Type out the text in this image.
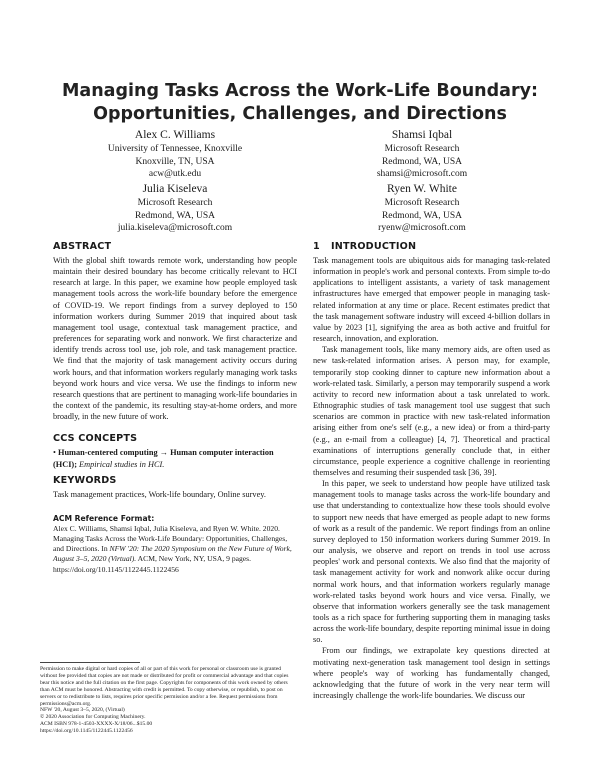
Managing Tasks Across the Work-Life Boundary:
Opportunities, Challenges, and Directions
Alex C. Williams
University of Tennessee, Knoxville
Knoxville, TN, USA
acw@utk.edu
Shamsi Iqbal
Microsoft Research
Redmond, WA, USA
shamsi@microsoft.com
Julia Kiseleva
Microsoft Research
Redmond, WA, USA
julia.kiseleva@microsoft.com
Ryen W. White
Microsoft Research
Redmond, WA, USA
ryenw@microsoft.com
ABSTRACT

With the global shift towards remote work, understanding how people maintain their desired boundary has become critically relevant to HCI research at large. In this paper, we examine how people employed task management tools across the work-life boundary before the emergence of COVID-19. We report findings from a survey deployed to 150 information workers during Summer 2019 that inquired about task management tool usage, contextual task management practice, and preferences for separating work and nonwork. We first characterize and identify trends across tool use, job role, and task management practice. We find that the majority of task management activity occurs during work hours, and that information workers regularly managing work tasks beyond work hours and vice versa. We use the findings to inform new research questions that are pertinent to managing work-life boundaries in the context of the pandemic, its resulting stay-at-home orders, and more broadly, in the new future of work.

CCS CONCEPTS

• Human-centered computing → Human computer interaction (HCI); Empirical studies in HCI.

KEYWORDS

Task management practices, Work-life boundary, Online survey.

ACM Reference Format:
Alex C. Williams, Shamsi Iqbal, Julia Kiseleva, and Ryen W. White. 2020. Managing Tasks Across the Work-Life Boundary: Opportunities, Challenges, and Directions. In NFW '20: The 2020 Symposium on the New Future of Work, August 3–5, 2020 (Virtual). ACM, New York, NY, USA, 9 pages. https://doi.org/10.1145/1122445.1122456
Permission to make digital or hard copies of all or part of this work for personal or classroom use is granted without fee provided that copies are not made or distributed for profit or commercial advantage and that copies bear this notice and the full citation on the first page. Copyrights for components of this work owned by others than ACM must be honored. Abstracting with credit is permitted. To copy otherwise, or republish, to post on servers or to redistribute to lists, requires prior specific permission and/or a fee. Request permissions from permissions@acm.org.
NFW '20, August 3–5, 2020, (Virtual)
© 2020 Association for Computing Machinery.
ACM ISBN 978-1-4503-XXXX-X/18/06...$15.00
https://doi.org/10.1145/1122445.1122456
1 INTRODUCTION

Task management tools are ubiquitous aids for managing task-related information in people's work and personal contexts. From simple to-do applications to intelligent assistants, a variety of task management infrastructures have emerged that empower people in managing task-related information at any time or place. Recent estimates predict that the task management software industry will exceed 4-billion dollars in value by 2023 [1], signifying the area as both active and fruitful for research, innovation, and exploration.

Task management tools, like many memory aids, are often used as new task-related information arises. A person may, for example, temporarily stop cooking dinner to capture new information about a work-related task. Similarly, a person may temporarily suspend a work activity to record new information about a task unrelated to work. Ethnographic studies of task management tool use suggest that such scenarios are common in practice with new task-related information arising either from one's self (e.g., a new idea) or from a third-party (e.g., an e-mail from a colleague) [4, 7]. Theoretical and practical examinations of interruptions generally conclude that, in either circumstance, people experience a cognitive challenge in reorienting themselves and resuming their suspended task [36, 39].

In this paper, we seek to understand how people have utilized task management tools to manage tasks across the work-life boundary and use that understanding to contextualize how these tools should evolve to support new needs that have emerged as people adapt to new forms of work as a result of the pandemic. We report findings from an online survey deployed to 150 information workers during Summer 2019. In our analysis, we observe and report on trends in tool use across peoples' work and personal contexts. We also find that the majority of task management activity for work and nonwork alike occur during normal work hours, and that information workers regularly manage work-related tasks beyond work hours and vice versa. Finally, we observe that information workers generally see the task management tools as a rich space for furthering supporting them in managing tasks across the work-life boundary, despite reporting minimal issue in doing so.

From our findings, we extrapolate key questions directed at motivating next-generation task management tool design in settings where people's way of working has fundamentally changed, acknowledging that the future of work in the very near term will increasingly challenge the work-life boundaries. We discuss our
